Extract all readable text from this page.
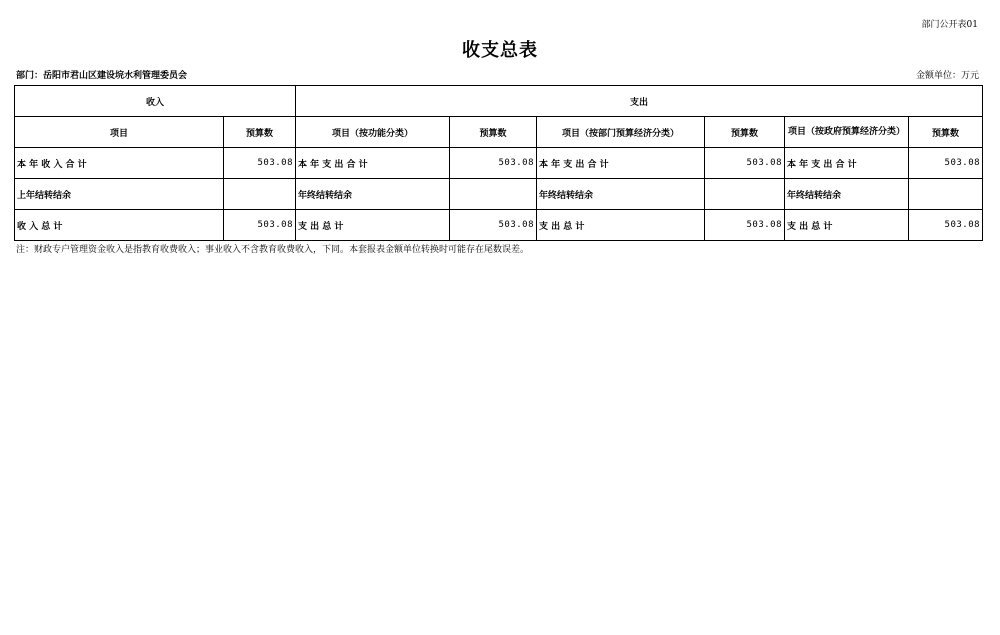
部门公开表01
收支总表
部门：岳阳市君山区建设垸水利管理委员会	金额单位：万元
收入		支出					
项目	预算数	项目（按功能分类）	预算数	项目（按部门预算经济分类）	预算数	项目（按政府预算经济分类）	预算数
本 年 收 入 合 计	503.08	本 年 支 出 合 计	503.08	本 年 支 出 合 计	503.08	本 年 支 出 合 计	503.08
上年结转结余		年终结转结余		年终结转结余		年终结转结余	
收 入 总 计	503.08	支 出 总 计	503.08	支 出 总 计	503.08	支 出 总 计	503.08
注：财政专户管理资金收入是指教育收费收入；事业收入不含教育收费收入，下同。本套报表金额单位转换时可能存在尾数误差。
